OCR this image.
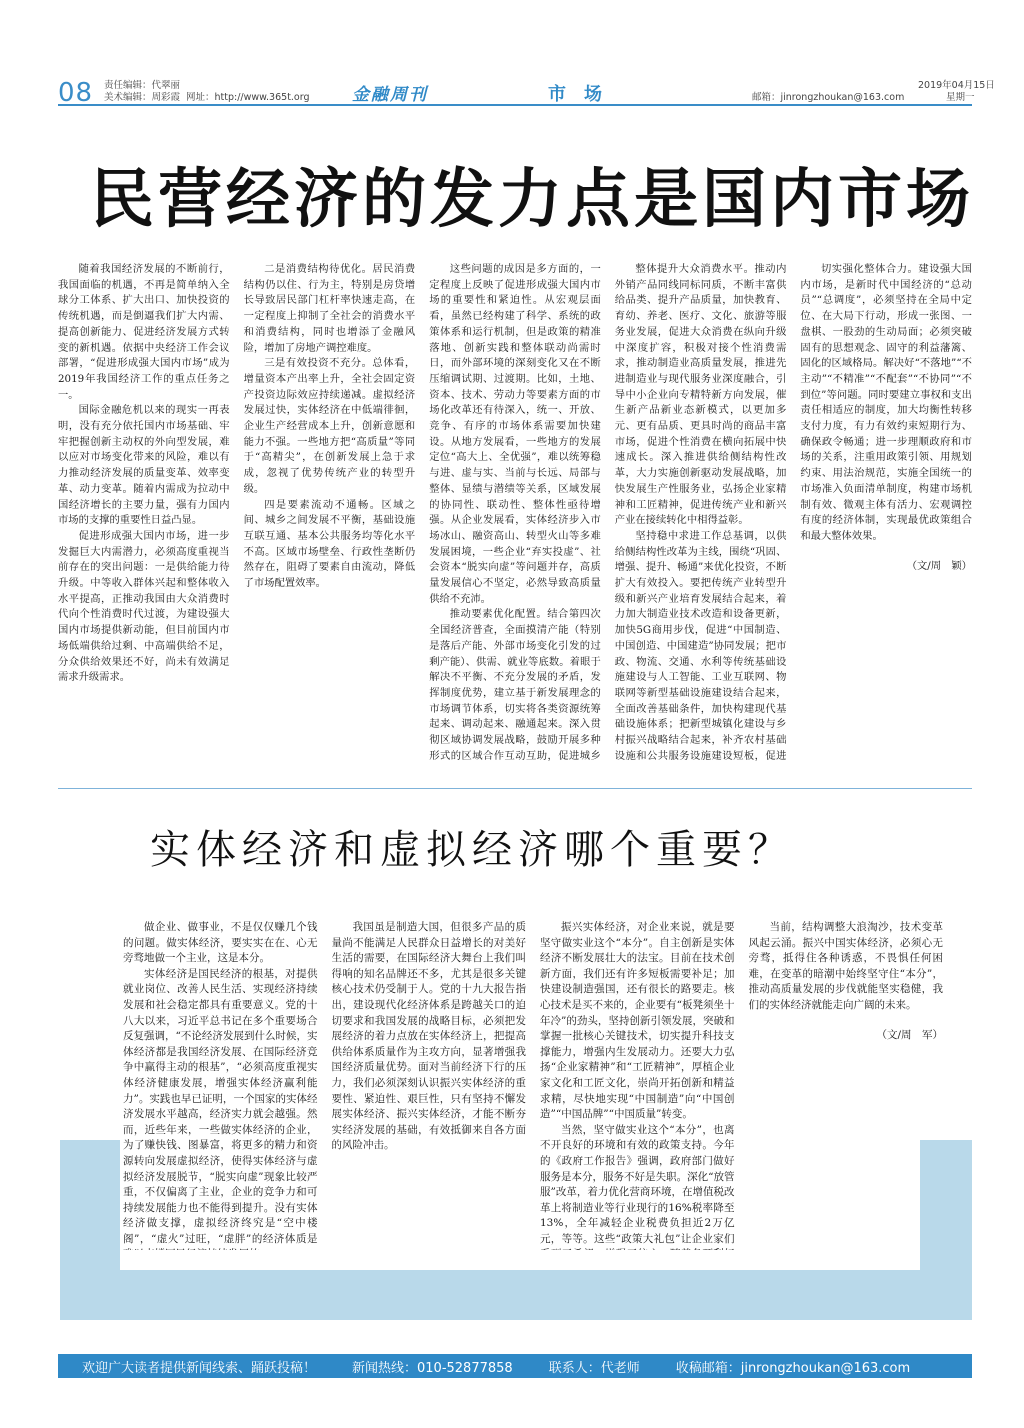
08 责任编辑：代翠丽
美术编辑：周彩霞 网址：http://www.365t.org 金融周刊	市场	邮箱：jinrongzhoukan@163.com
2019年04月15日
星期一
民营经济的发力点是国内市场

随着我国经济发展的不断前行，我国面临的机遇，不再是简单纳入全球分工体系、扩大出口、加快投资的传统机遇，而是倒逼我们扩大内需、提高创新能力、促进经济发展方式转变的新机遇。依据中央经济工作会议部署，“促进形成强大国内市场”成为2019年我国经济工作的重点任务之一。

国际金融危机以来的现实一再表明，没有充分依托国内市场基础、牢牢把握创新主动权的外向型发展，难以应对市场变化带来的风险，难以有力推动经济发展的质量变革、效率变革、动力变革。随着内需成为拉动中国经济增长的主要力量，强有力国内市场的支撑的重要性日益凸显。

促进形成强大国内市场，进一步发掘巨大内需潜力，必须高度重视当前存在的突出问题：一是供给能力待升级。中等收入群体兴起和整体收入水平提高，正推动我国由大众消费时代向个性消费时代过渡，为建设强大国内市场提供新动能，但目前国内市场低端供给过剩、中高端供给不足，分众供给效果还不好，尚未有效满足需求升级需求。

二是消费结构待优化。居民消费结构仍以住、行为主，特别是房贷增长导致居民部门杠杆率快速走高，在一定程度上抑制了全社会的消费水平和消费结构，同时也增添了金融风险，增加了房地产调控难度。

三是有效投资不充分。总体看，增量资本产出率上升，全社会固定资产投资边际效应持续递减。虚拟经济发展过快，实体经济在中低端徘徊，企业生产经营成本上升，创新意愿和能力不强。一些地方把“高质量”等同于“高精尖”，在创新发展上急于求成，忽视了优势传统产业的转型升级。

四是要素流动不通畅。区域之间、城乡之间发展不平衡，基础设施互联互通、基本公共服务均等化水平不高。区域市场壁垒、行政性垄断仍然存在，阻碍了要素自由流动，降低了市场配置效率。

这些问题的成因是多方面的，一定程度上反映了促进形成强大国内市场的重要性和紧迫性。从宏观层面看，虽然已经构建了科学、系统的政策体系和运行机制，但是政策的精准落地、创新实践和整体联动尚需时日，而外部环境的深刻变化又在不断压缩调试期、过渡期。比如，土地、资本、技术、劳动力等要素方面的市场化改革还有待深入，统一、开放、竞争、有序的市场体系需要加快建设。从地方发展看，一些地方的发展定位“高大上、全优强”，难以统筹稳与进、虚与实、当前与长远、局部与整体、显绩与潜绩等关系，区域发展的协同性、联动性、整体性亟待增强。从企业发展看，实体经济步入市场冰山、融资高山、转型火山等多难发展困境，一些企业“弃实投虚”、社会资本“脱实向虚”等问题并存，高质量发展信心不坚定，必然导致高质量供给不充沛。

推动要素优化配置。结合第四次全国经济普查，全面摸清产能（特别是落后产能、外部市场变化引发的过剩产能）、供需、就业等底数。着眼于解决不平衡、不充分发展的矛盾，发挥制度优势，建立基于新发展理念的市场调节体系，切实将各类资源统筹起来、调动起来、融通起来。深入贯彻区域协调发展战略，鼓励开展多种形式的区域合作互动互助，促进城乡

整体提升大众消费水平。推动内外销产品同线同标同质，不断丰富供给品类、提升产品质量，加快教育、育幼、养老、医疗、文化、旅游等服务业发展，促进大众消费在纵向升级中深度扩容，积极对接个性消费需求，推动制造业高质量发展，推进先进制造业与现代服务业深度融合，引导中小企业向专精特新方向发展，催生新产品新业态新模式，以更加多元、更有品质、更具时尚的商品丰富市场，促进个性消费在横向拓展中快速成长。深入推进供给侧结构性改革，大力实施创新驱动发展战略，加快发展生产性服务业，弘扬企业家精神和工匠精神，促进传统产业和新兴产业在接续转化中相得益彰。

坚持稳中求进工作总基调，以供给侧结构性改革为主线，围绕“巩固、增强、提升、畅通”来优化投资，不断扩大有效投入。要把传统产业转型升级和新兴产业培育发展结合起来，着力加大制造业技术改造和设备更新，加快5G商用步伐，促进“中国制造、中国创造、中国建造”协同发展；把市政、物流、交通、水利等传统基础设施建设与人工智能、工业互联网、物联网等新型基础设施建设结合起来，全面改善基础条件，加快构建现代基础设施体系；把新型城镇化建设与乡村振兴战略结合起来，补齐农村基础设施和公共服务设施建设短板，促进

切实强化整体合力。建设强大国内市场，是新时代中国经济的“总动员”“总调度”，必须坚持在全局中定位、在大局下行动，形成一张图、一盘棋、一股劲的生动局面；必须突破固有的思想观念、固守的利益藩篱、固化的区域格局。解决好“不落地”“不主动”“不精准”“不配套”“不协同”“不到位”等问题。同时要建立事权和支出责任相适应的制度，加大均衡性转移支付力度，有力有效约束短期行为、确保政令畅通；进一步理顺政府和市场的关系，注重用政策引领、用规划约束、用法治规范，实施全国统一的市场准入负面清单制度，构建市场机制有效、微观主体有活力、宏观调控有度的经济体制，实现最优政策组合和最大整体效果。

（文/周　颖）

实体经济和虚拟经济哪个重要？

做企业、做事业，不是仅仅赚几个钱的问题。做实体经济，要实实在在、心无旁骛地做一个主业，这是本分。

实体经济是国民经济的根基，对提供就业岗位、改善人民生活、实现经济持续发展和社会稳定都具有重要意义。党的十八大以来，习近平总书记在多个重要场合反复强调，“不论经济发展到什么时候，实体经济都是我国经济发展、在国际经济竞争中赢得主动的根基”，“必须高度重视实体经济健康发展，增强实体经济赢利能力”。实践也早已证明，一个国家的实体经济发展水平越高，经济实力就会越强。然而，近些年来，一些做实体经济的企业，为了赚快钱、图暴富，将更多的精力和资源转向发展虚拟经济，使得实体经济与虚拟经济发展脱节，“脱实向虚”现象比较严重，不仅偏离了主业，企业的竞争力和可持续发展能力也不能得到提升。没有实体经济做支撑，虚拟经济终究是“空中楼阁”，“虚火”过旺，“虚胖”的经济体质是

我国虽是制造大国，但很多产品的质量尚不能满足人民群众日益增长的对美好生活的需要，在国际经济大舞台上我们叫得响的知名品牌还不多，尤其是很多关键核心技术仍受制于人。党的十九大报告指出，建设现代化经济体系是跨越关口的迫切要求和我国发展的战略目标，必须把发展经济的着力点放在实体经济上，把提高供给体系质量作为主攻方向，显著增强我国经济质量优势。面对当前经济下行的压力，我们必须深刻认识振兴实体经济的重要性、紧迫性、艰巨性，只有坚持不懈发展实体经济、振兴实体经济，才能不断夯实经济发展的基础，有效抵御来自各方面的风险冲击。

振兴实体经济，对企业来说，就是要坚守做实业这个“本分”。自主创新是实体经济不断发展壮大的法宝。目前在技术创新方面，我们还有许多短板需要补足；加快建设制造强国，还有很长的路要走。核心技术是买不来的，企业要有“板凳须坐十年冷”的劲头，坚持创新引领发展，突破和掌握一批核心关键技术，切实提升科技支撑能力，增强内生发展动力。还要大力弘扬“企业家精神”和“工匠精神”，厚植企业家文化和工匠文化，崇尚开拓创新和精益求精，尽快地实现“中国制造”向“中国创造”“中国品牌”“中国质量”转变。

当然，坚守做实业这个“本分”，也离不开良好的环境和有效的政策支持。今年的《政府工作报告》强调，政府部门做好服务是本分，服务不好是失职。深化“放管服”改革，着力优化营商环境，在增值税改革上将制造业等行业现行的16%税率降至13%，全年减轻企业税费负担近2万亿元，等等。这些“政策大礼包”让企业家们

当前，结构调整大浪淘沙，技术变革风起云涌。振兴中国实体经济，必须心无旁骛，抵得住各种诱惑，不畏惧任何困难，在变革的暗潮中始终坚守住“本分”，推动高质量发展的步伐就能坚实稳健，我们的实体经济就能走向广阔的未来。

（文/周　军）

欢迎广大读者提供新闻线索、踊跃投稿！	新闻热线：010-52877858	联系人：代老师	收稿邮箱：jinrongzhoukan@163.com
